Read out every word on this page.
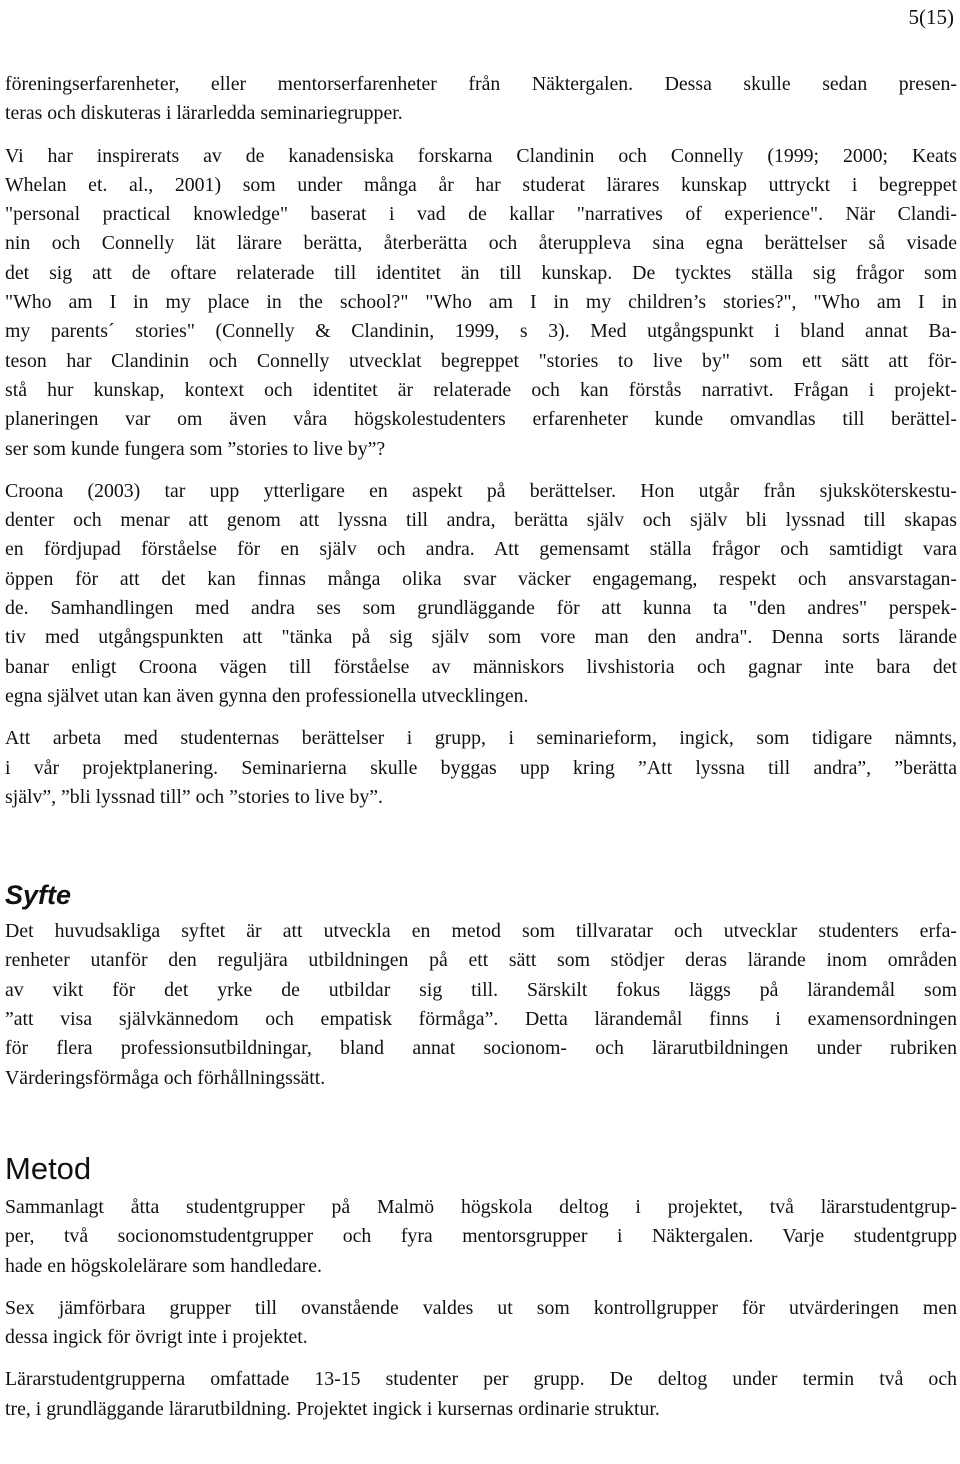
5(15)

föreningserfarenheter, eller mentorserfarenheter från Näktergalen. Dessa skulle sedan presen-
teras och diskuteras i lärarledda seminariegrupper.

Vi har inspirerats av de kanadensiska forskarna Clandinin och Connelly (1999; 2000; Keats
Whelan et. al., 2001) som under många år har studerat lärares kunskap uttryckt i begreppet
"personal practical knowledge" baserat i vad de kallar "narratives of experience". När Clandi-
nin och Connelly lät lärare berätta, återberätta och återuppleva sina egna berättelser så visade
det sig att de oftare relaterade till identitet än till kunskap. De tycktes ställa sig frågor som
"Who am I in my place in the school?" "Who am I in my children’s stories?", "Who am I in
my parents´ stories" (Connelly & Clandinin, 1999, s 3). Med utgångspunkt i bland annat Ba-
teson har Clandinin och Connelly utvecklat begreppet "stories to live by" som ett sätt att för-
stå hur kunskap, kontext och identitet är relaterade och kan förstås narrativt. Frågan i projekt-
planeringen var om även våra högskolestudenters erfarenheter kunde omvandlas till berättel-
ser som kunde fungera som ”stories to live by”?

Croona (2003) tar upp ytterligare en aspekt på berättelser. Hon utgår från sjuksköterskestu-
denter och menar att genom att lyssna till andra, berätta själv och själv bli lyssnad till skapas
en fördjupad förståelse för en själv och andra. Att gemensamt ställa frågor och samtidigt vara
öppen för att det kan finnas många olika svar väcker engagemang, respekt och ansvarstagan-
de. Samhandlingen med andra ses som grundläggande för att kunna ta "den andres" perspek-
tiv med utgångspunkten att "tänka på sig själv som vore man den andra". Denna sorts lärande
banar enligt Croona vägen till förståelse av människors livshistoria och gagnar inte bara det
egna självet utan kan även gynna den professionella utvecklingen.

Att arbeta med studenternas berättelser i grupp, i seminarieform, ingick, som tidigare nämnts,
i vår projektplanering. Seminarierna skulle byggas upp kring ”Att lyssna till andra”, ”berätta
själv”, ”bli lyssnad till” och ”stories to live by”.

Syfte

Det huvudsakliga syftet är att utveckla en metod som tillvaratar och utvecklar studenters erfa-
renheter utanför den reguljära utbildningen på ett sätt som stödjer deras lärande inom områden
av vikt för det yrke de utbildar sig till. Särskilt fokus läggs på lärandemål som
”att visa självkännedom och empatisk förmåga”. Detta lärandemål finns i examensordningen
för flera professionsutbildningar, bland annat socionom- och lärarutbildningen under rubriken
Värderingsförmåga och förhållningssätt.

Metod

Sammanlagt åtta studentgrupper på Malmö högskola deltog i projektet, två lärarstudentgrup-
per, två socionomstudentgrupper och fyra mentorsgrupper i Näktergalen. Varje studentgrupp
hade en högskolelärare som handledare.

Sex jämförbara grupper till ovanstående valdes ut som kontrollgrupper för utvärderingen men
dessa ingick för övrigt inte i projektet.

Lärarstudentgrupperna omfattade 13-15 studenter per grupp. De deltog under termin två och
tre, i grundläggande lärarutbildning. Projektet ingick i kursernas ordinarie struktur.
